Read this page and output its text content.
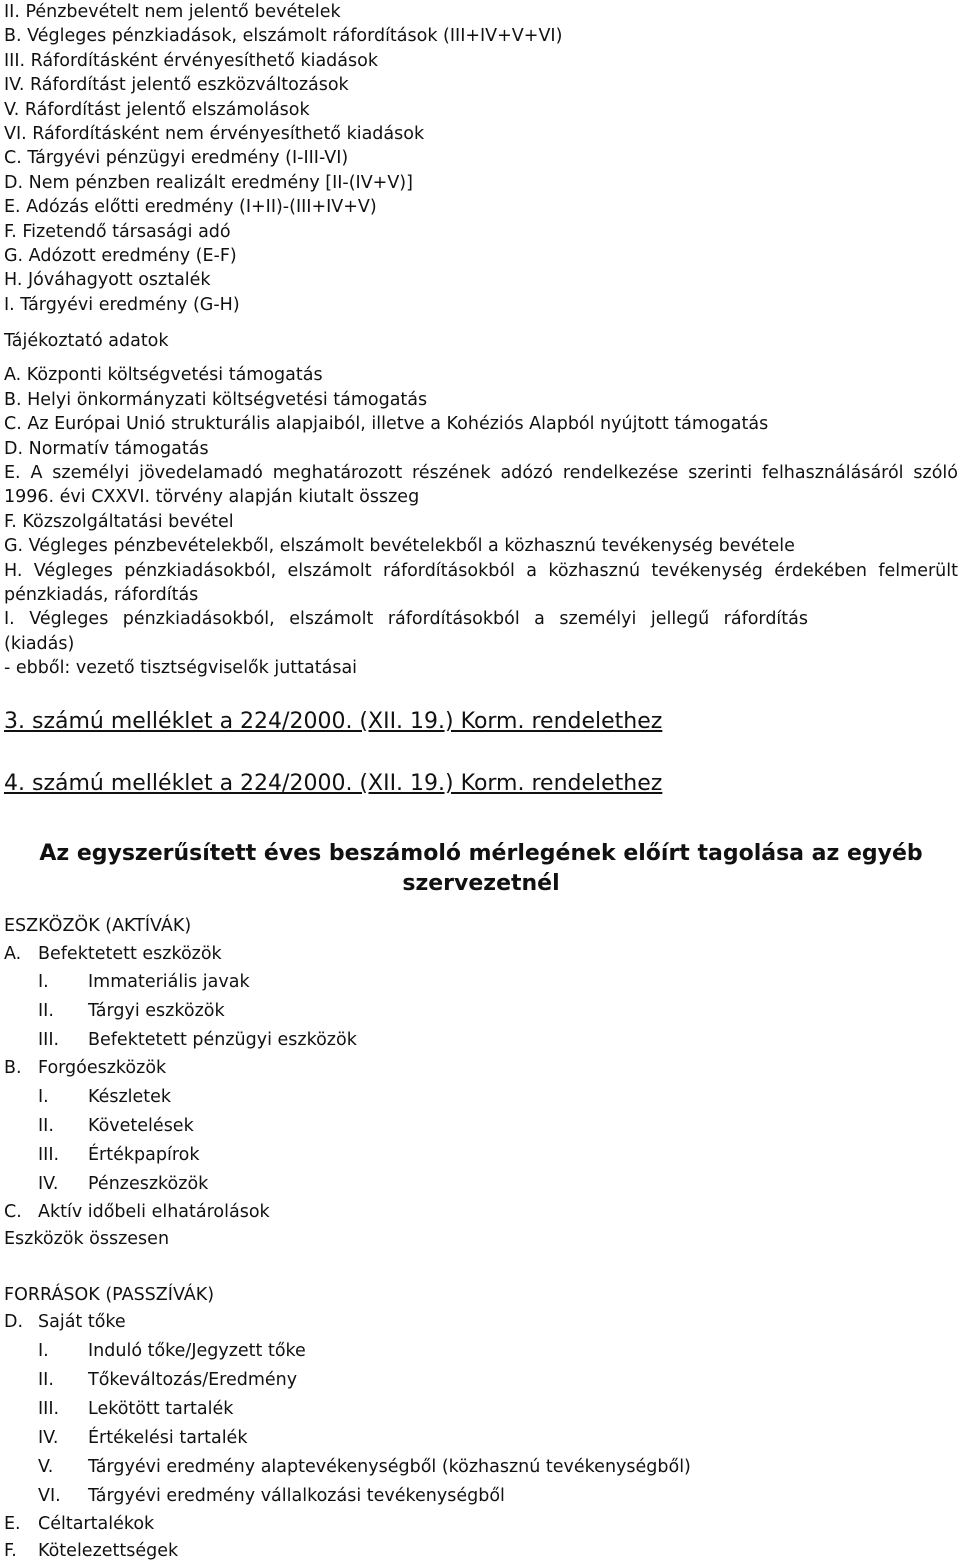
II. Pénzbevételt nem jelentő bevételek
B. Végleges pénzkiadások, elszámolt ráfordítások (III+IV+V+VI)
III. Ráfordításként érvényesíthető kiadások
IV. Ráfordítást jelentő eszközváltozások
V. Ráfordítást jelentő elszámolások
VI. Ráfordításként nem érvényesíthető kiadások
C. Tárgyévi pénzügyi eredmény (I-III-VI)
D. Nem pénzben realizált eredmény [II-(IV+V)]
E. Adózás előtti eredmény (I+II)-(III+IV+V)
F. Fizetendő társasági adó
G. Adózott eredmény (E-F)
H. Jóváhagyott osztalék
I. Tárgyévi eredmény (G-H)
Tájékoztató adatok
A. Központi költségvetési támogatás
B. Helyi önkormányzati költségvetési támogatás
C. Az Európai Unió strukturális alapjaiból, illetve a Kohéziós Alapból nyújtott támogatás
D. Normatív támogatás
E. A személyi jövedelamadó meghatározott részének adózó rendelkezése szerinti felhasználásáról szóló 1996. évi CXXVI. törvény alapján kiutalt összeg
F. Közszolgáltatási bevétel
G. Végleges pénzbevételekből, elszámolt bevételekből a közhasznú tevékenység bevétele
H. Végleges pénzkiadásokból, elszámolt ráfordításokból a közhasznú tevékenység érdekében felmerült pénzkiadás, ráfordítás
I. Végleges pénzkiadásokból, elszámolt ráfordításokból a személyi jellegű ráfordítás (kiadás)
- ebből: vezető tisztségviselők juttatásai
3. számú melléklet a 224/2000. (XII. 19.) Korm. rendelethez
4. számú melléklet a 224/2000. (XII. 19.) Korm. rendelethez
Az egyszerűsített éves beszámoló mérlegének előírt tagolása az egyéb szervezetnél
ESZKÖZÖK (AKTÍVÁK)
A. Befektetett eszközök
I.	Immateriális javak
II.	Tárgyi eszközök
III.	Befektetett pénzügyi eszközök
B. Forgóeszközök
I.	Készletek
II.	Követelések
III.	Értékpapírok
IV.	Pénzeszközök
C. Aktív időbeli elhatárolások
Eszközök összesen
FORRÁSOK (PASSZÍVÁK)
D. Saját tőke
I.	Induló tőke/Jegyzett tőke
II.	Tőkeváltozás/Eredmény
III.	Lekötött tartalék
IV.	Értékelési tartalék
V.	Tárgyévi eredmény alaptevékenységből (közhasznú tevékenységből)
VI.	Tárgyévi eredmény vállalkozási tevékenységből
E. Céltartalékok
F.	Kötelezettségek
